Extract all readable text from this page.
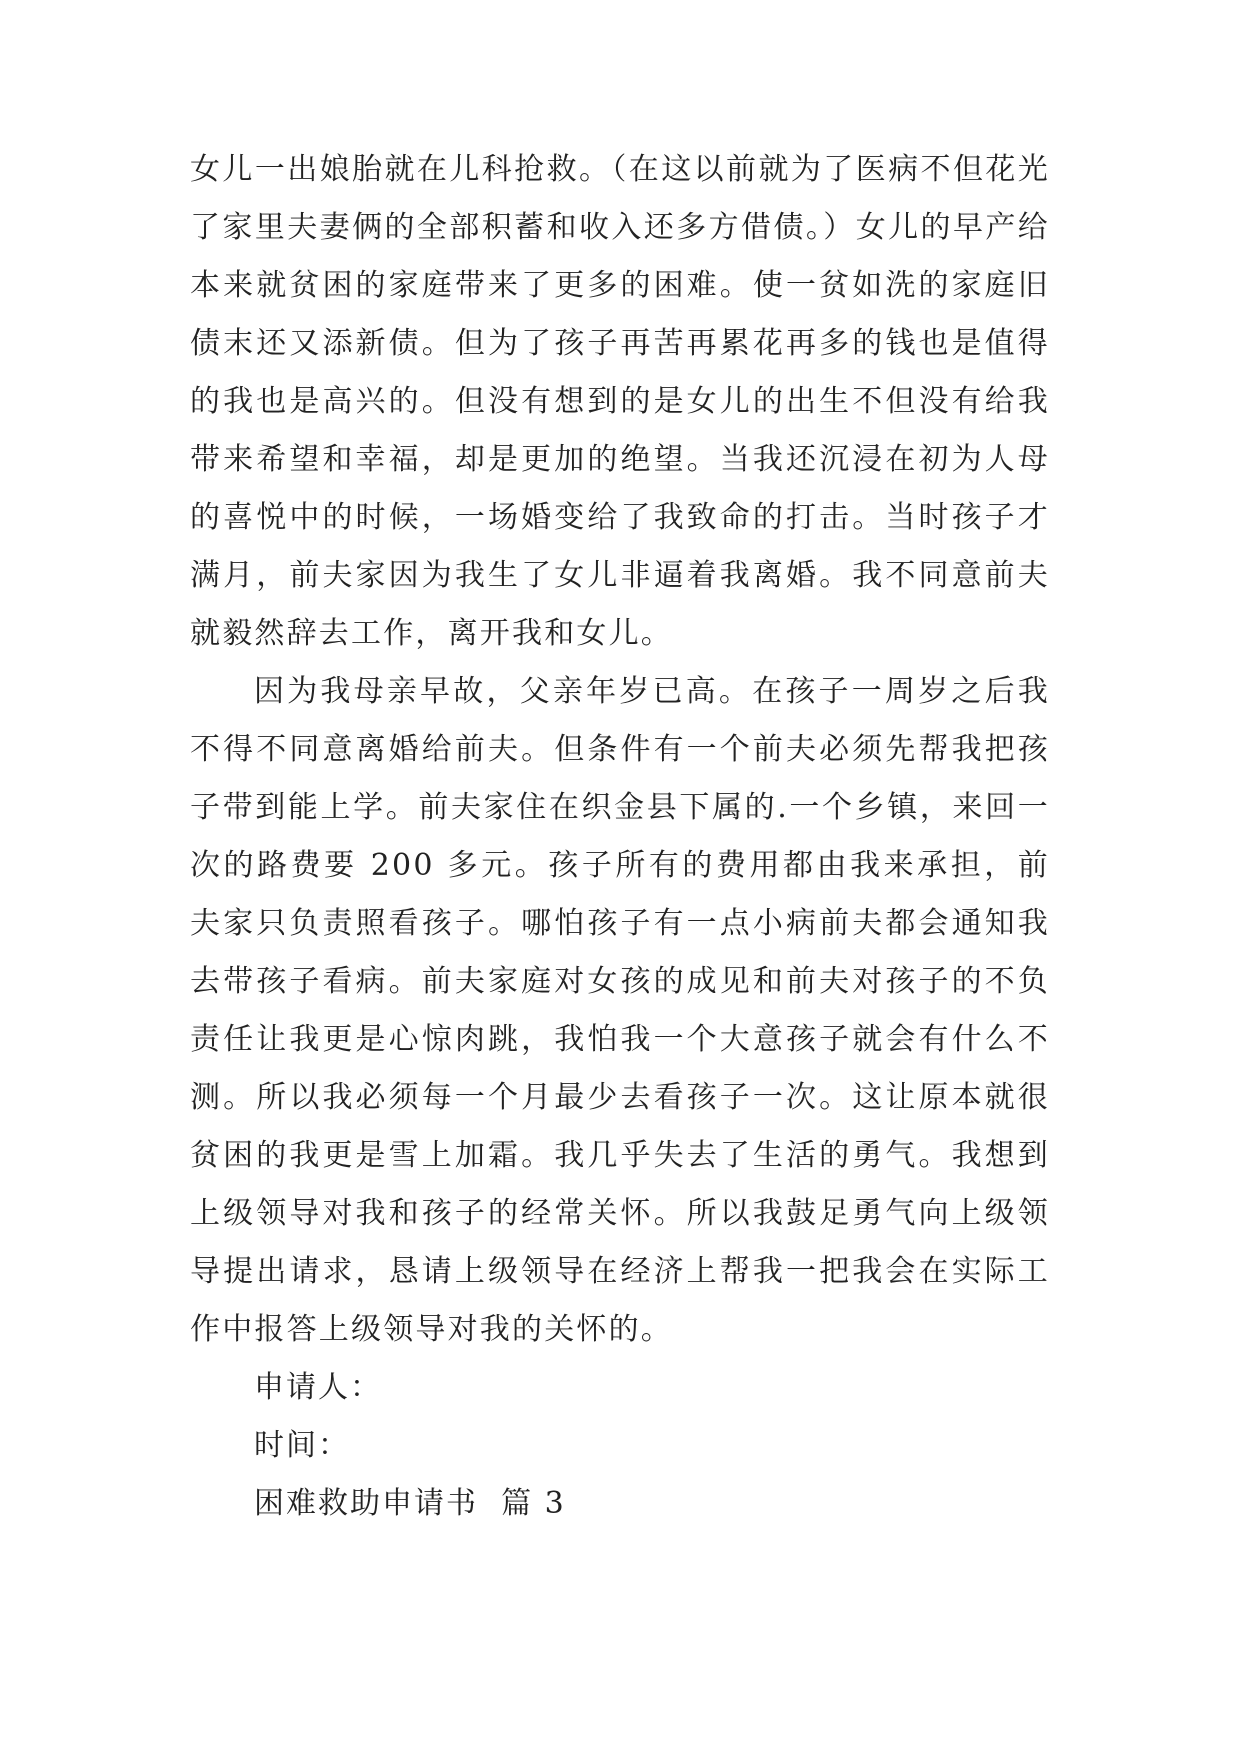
女儿一出娘胎就在儿科抢救。（在这以前就为了医病不但花光了家里夫妻俩的全部积蓄和收入还多方借债。）女儿的早产给本来就贫困的家庭带来了更多的困难。使一贫如洗的家庭旧债末还又添新债。但为了孩子再苦再累花再多的钱也是值得的我也是高兴的。但没有想到的是女儿的出生不但没有给我带来希望和幸福，却是更加的绝望。当我还沉浸在初为人母的喜悦中的时候，一场婚变给了我致命的打击。当时孩子才满月，前夫家因为我生了女儿非逼着我离婚。我不同意前夫就毅然辞去工作，离开我和女儿。

因为我母亲早故，父亲年岁已高。在孩子一周岁之后我不得不同意离婚给前夫。但条件有一个前夫必须先帮我把孩子带到能上学。前夫家住在织金县下属的.一个乡镇，来回一次的路费要 200 多元。孩子所有的费用都由我来承担，前夫家只负责照看孩子。哪怕孩子有一点小病前夫都会通知我去带孩子看病。前夫家庭对女孩的成见和前夫对孩子的不负责任让我更是心惊肉跳，我怕我一个大意孩子就会有什么不测。所以我必须每一个月最少去看孩子一次。这让原本就很贫困的我更是雪上加霜。我几乎失去了生活的勇气。我想到上级领导对我和孩子的经常关怀。所以我鼓足勇气向上级领导提出请求，恳请上级领导在经济上帮我一把我会在实际工作中报答上级领导对我的关怀的。

申请人：

时间：

困难救助申请书  篇 3
